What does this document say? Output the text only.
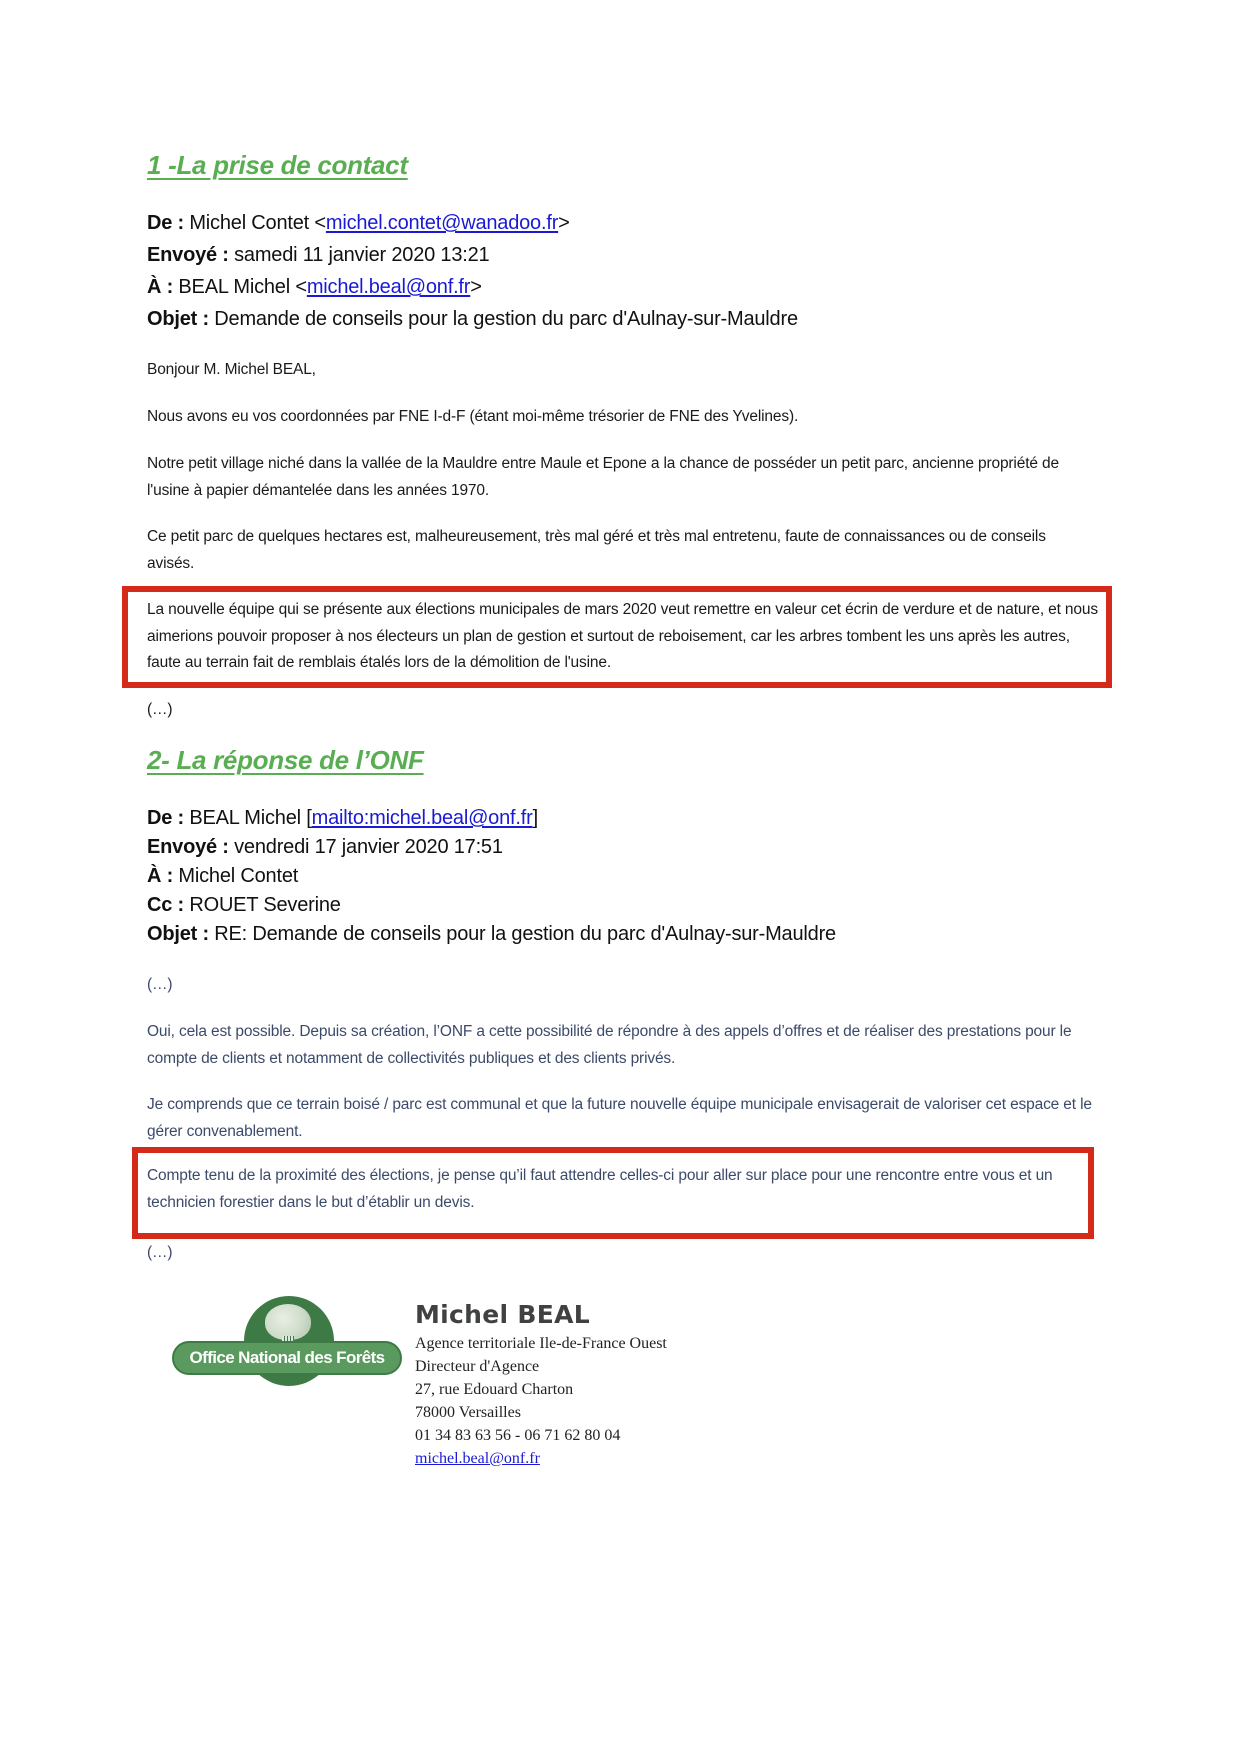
1 -La prise de contact
De : Michel Contet <michel.contet@wanadoo.fr>
Envoyé : samedi 11 janvier 2020 13:21
À : BEAL Michel <michel.beal@onf.fr>
Objet : Demande de conseils pour la gestion du parc d'Aulnay-sur-Mauldre
Bonjour M. Michel BEAL,
Nous avons eu vos coordonnées par FNE I-d-F (étant moi-même trésorier de FNE des Yvelines).
Notre petit village niché dans la vallée de la Mauldre entre Maule et Epone a la chance de posséder un petit parc, ancienne propriété de l'usine à papier démantelée dans les années 1970.
Ce petit parc de quelques hectares est, malheureusement, très mal géré et très mal entretenu, faute de connaissances ou de conseils avisés.
La nouvelle équipe qui se présente aux élections municipales de mars 2020 veut remettre en valeur cet écrin de verdure et de nature, et nous aimerions pouvoir proposer à nos électeurs un plan de gestion et surtout de reboisement, car les arbres tombent les uns après les autres, faute au terrain fait de remblais étalés lors de la démolition de l'usine.
(…)
2- La réponse de l’ONF
De : BEAL Michel [mailto:michel.beal@onf.fr]
Envoyé : vendredi 17 janvier 2020 17:51
À : Michel Contet
Cc : ROUET Severine
Objet : RE: Demande de conseils pour la gestion du parc d'Aulnay-sur-Mauldre
(…)
Oui, cela est possible. Depuis sa création, l’ONF a cette possibilité de répondre à des appels d’offres et de réaliser des prestations pour le compte de clients et notamment de collectivités publiques et des clients privés.
Je comprends que ce terrain boisé / parc est communal et que la future nouvelle équipe municipale envisagerait de valoriser cet espace et le gérer convenablement.
Compte tenu de la proximité des élections, je pense qu’il faut attendre celles-ci pour aller sur place pour une rencontre entre vous et un technicien forestier dans le but d’établir un devis.
(…)
Office National des Forêts
Michel BEAL
Agence territoriale Ile-de-France Ouest
Directeur d'Agence
27, rue Edouard Charton
78000 Versailles
01 34 83 63 56 - 06 71 62 80 04
michel.beal@onf.fr
